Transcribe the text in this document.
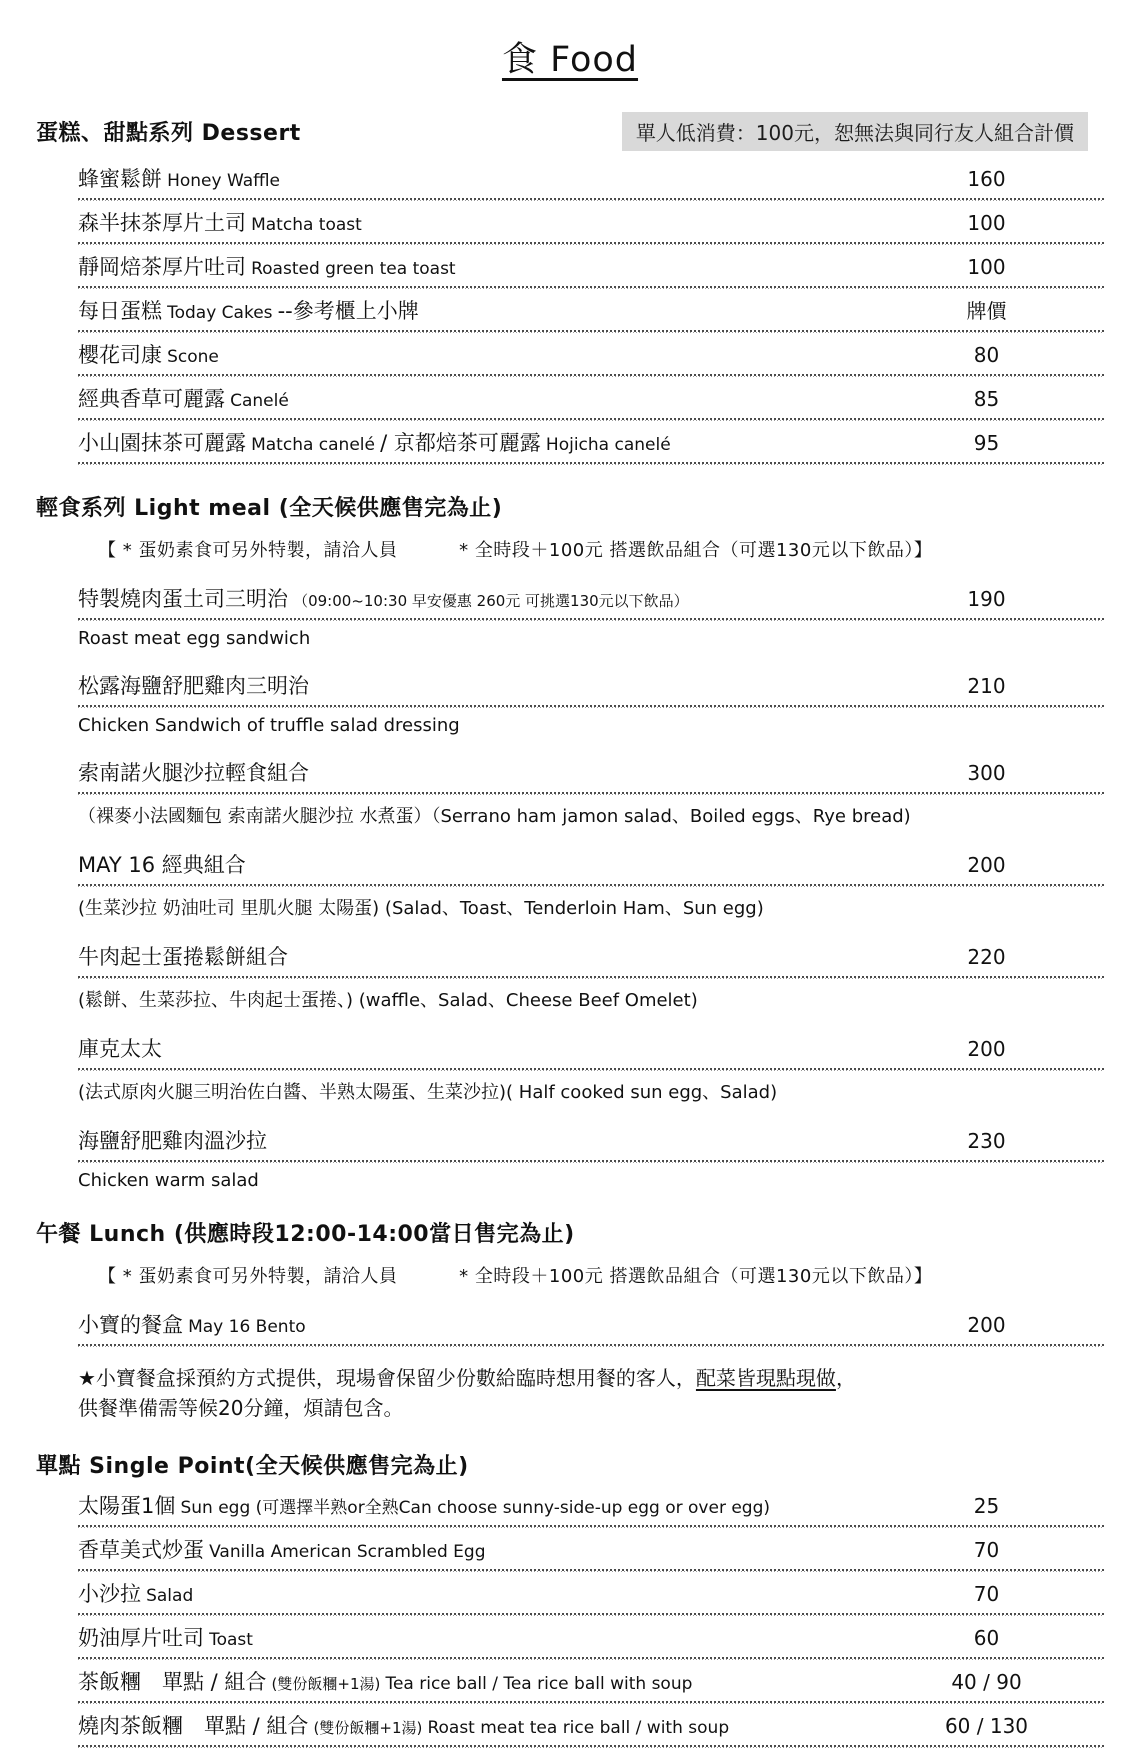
食 Food
蛋糕、甜點系列 Dessert	單人低消費：100元，恕無法與同行友人組合計價
蜂蜜鬆餅 Honey Waffle	160
森半抹茶厚片土司 Matcha toast	100
靜岡焙茶厚片吐司 Roasted green tea toast	100
每日蛋糕 Today Cakes --參考櫃上小牌	牌價
櫻花司康 Scone	80
經典香草可麗露 Canelé	85
小山園抹茶可麗露 Matcha canelé / 京都焙茶可麗露 Hojicha canelé	95
輕食系列 Light meal (全天候供應售完為止)
【 * 蛋奶素食可另外特製，請洽人員　　　 * 全時段＋100元 搭選飲品組合（可選130元以下飲品）】
特製燒肉蛋土司三明治 （09:00~10:30 早安優惠 260元 可挑選130元以下飲品）	190
Roast meat egg sandwich
松露海鹽舒肥雞肉三明治	210
Chicken Sandwich of truffle salad dressing
索南諾火腿沙拉輕食組合	300
（裸麥小法國麵包 索南諾火腿沙拉 水煮蛋）（Serrano ham jamon salad、Boiled eggs、Rye bread)
MAY 16 經典組合	200
(生菜沙拉 奶油吐司 里肌火腿 太陽蛋) (Salad、Toast、Tenderloin Ham、Sun egg)
牛肉起士蛋捲鬆餅組合	220
(鬆餅、生菜莎拉、牛肉起士蛋捲、) (waffle、Salad、Cheese Beef Omelet)
庫克太太	200
(法式原肉火腿三明治佐白醬、半熟太陽蛋、生菜沙拉)( Half cooked sun egg、Salad)
海鹽舒肥雞肉溫沙拉	230
Chicken warm salad
午餐 Lunch (供應時段12:00-14:00當日售完為止)
【 * 蛋奶素食可另外特製，請洽人員　　　 * 全時段＋100元 搭選飲品組合（可選130元以下飲品）】
小寶的餐盒 May 16 Bento	200
★小寶餐盒採預約方式提供，現場會保留少份數給臨時想用餐的客人，配菜皆現點現做，
供餐準備需等候20分鐘，煩請包含。
單點 Single Point(全天候供應售完為止)
太陽蛋1個 Sun egg (可選擇半熟or全熟Can choose sunny-side-up egg or over egg)	25
香草美式炒蛋 Vanilla American Scrambled Egg	70
小沙拉 Salad	70
奶油厚片吐司 Toast	60
茶飯糰　單點 / 組合 (雙份飯糰+1湯) Tea rice ball / Tea rice ball with soup	40 / 90
燒肉茶飯糰　單點 / 組合 (雙份飯糰+1湯) Roast meat tea rice ball / with soup	60 / 130
